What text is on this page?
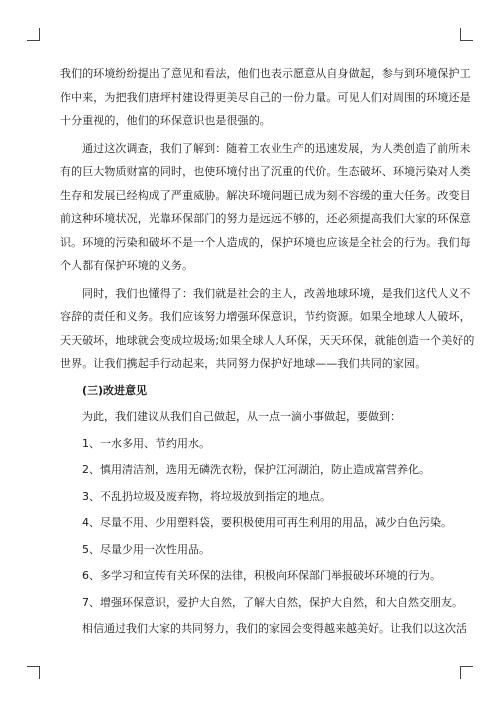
我们的环境纷纷提出了意见和看法，他们也表示愿意从自身做起，参与到环境保护工
作中来，为把我们唐坪村建设得更美尽自己的一份力量。可见人们对周围的环境还是
十分重视的，他们的环保意识也是很强的。

通过这次调查，我们了解到：随着工农业生产的迅速发展，为人类创造了前所未
有的巨大物质财富的同时，也使环境付出了沉重的代价。生态破坏、环境污染对人类
生存和发展已经构成了严重威胁。解决环境问题已成为刻不容缓的重大任务。改变目
前这种环境状况，光靠环保部门的努力是远远不够的，还必须提高我们大家的环保意
识。环境的污染和破坏不是一个人造成的，保护环境也应该是全社会的行为。我们每
个人都有保护环境的义务。

同时，我们也懂得了：我们就是社会的主人，改善地球环境，是我们这代人义不
容辞的责任和义务。我们应该努力增强环保意识，节约资源。如果全地球人人破坏，
天天破坏，地球就会变成垃圾场;如果全球人人环保，天天环保，就能创造一个美好的
世界。让我们携起手行动起来，共同努力保护好地球——我们共同的家园。

(三)改进意见

为此，我们建议从我们自己做起，从一点一滴小事做起，要做到：

1、一水多用、节约用水。

2、慎用清洁剂，选用无磷洗衣粉，保护江河湖泊，防止造成富营养化。

3、不乱扔垃圾及废弃物，将垃圾放到指定的地点。

4、尽量不用、少用塑料袋，要积极使用可再生利用的用品，减少白色污染。

5、尽量少用一次性用品。

6、多学习和宣传有关环保的法律，积极向环保部门举报破坏环境的行为。

7、增强环保意识，爱护大自然，了解大自然，保护大自然，和大自然交朋友。

相信通过我们大家的共同努力，我们的家园会变得越来越美好。让我们以这次活
